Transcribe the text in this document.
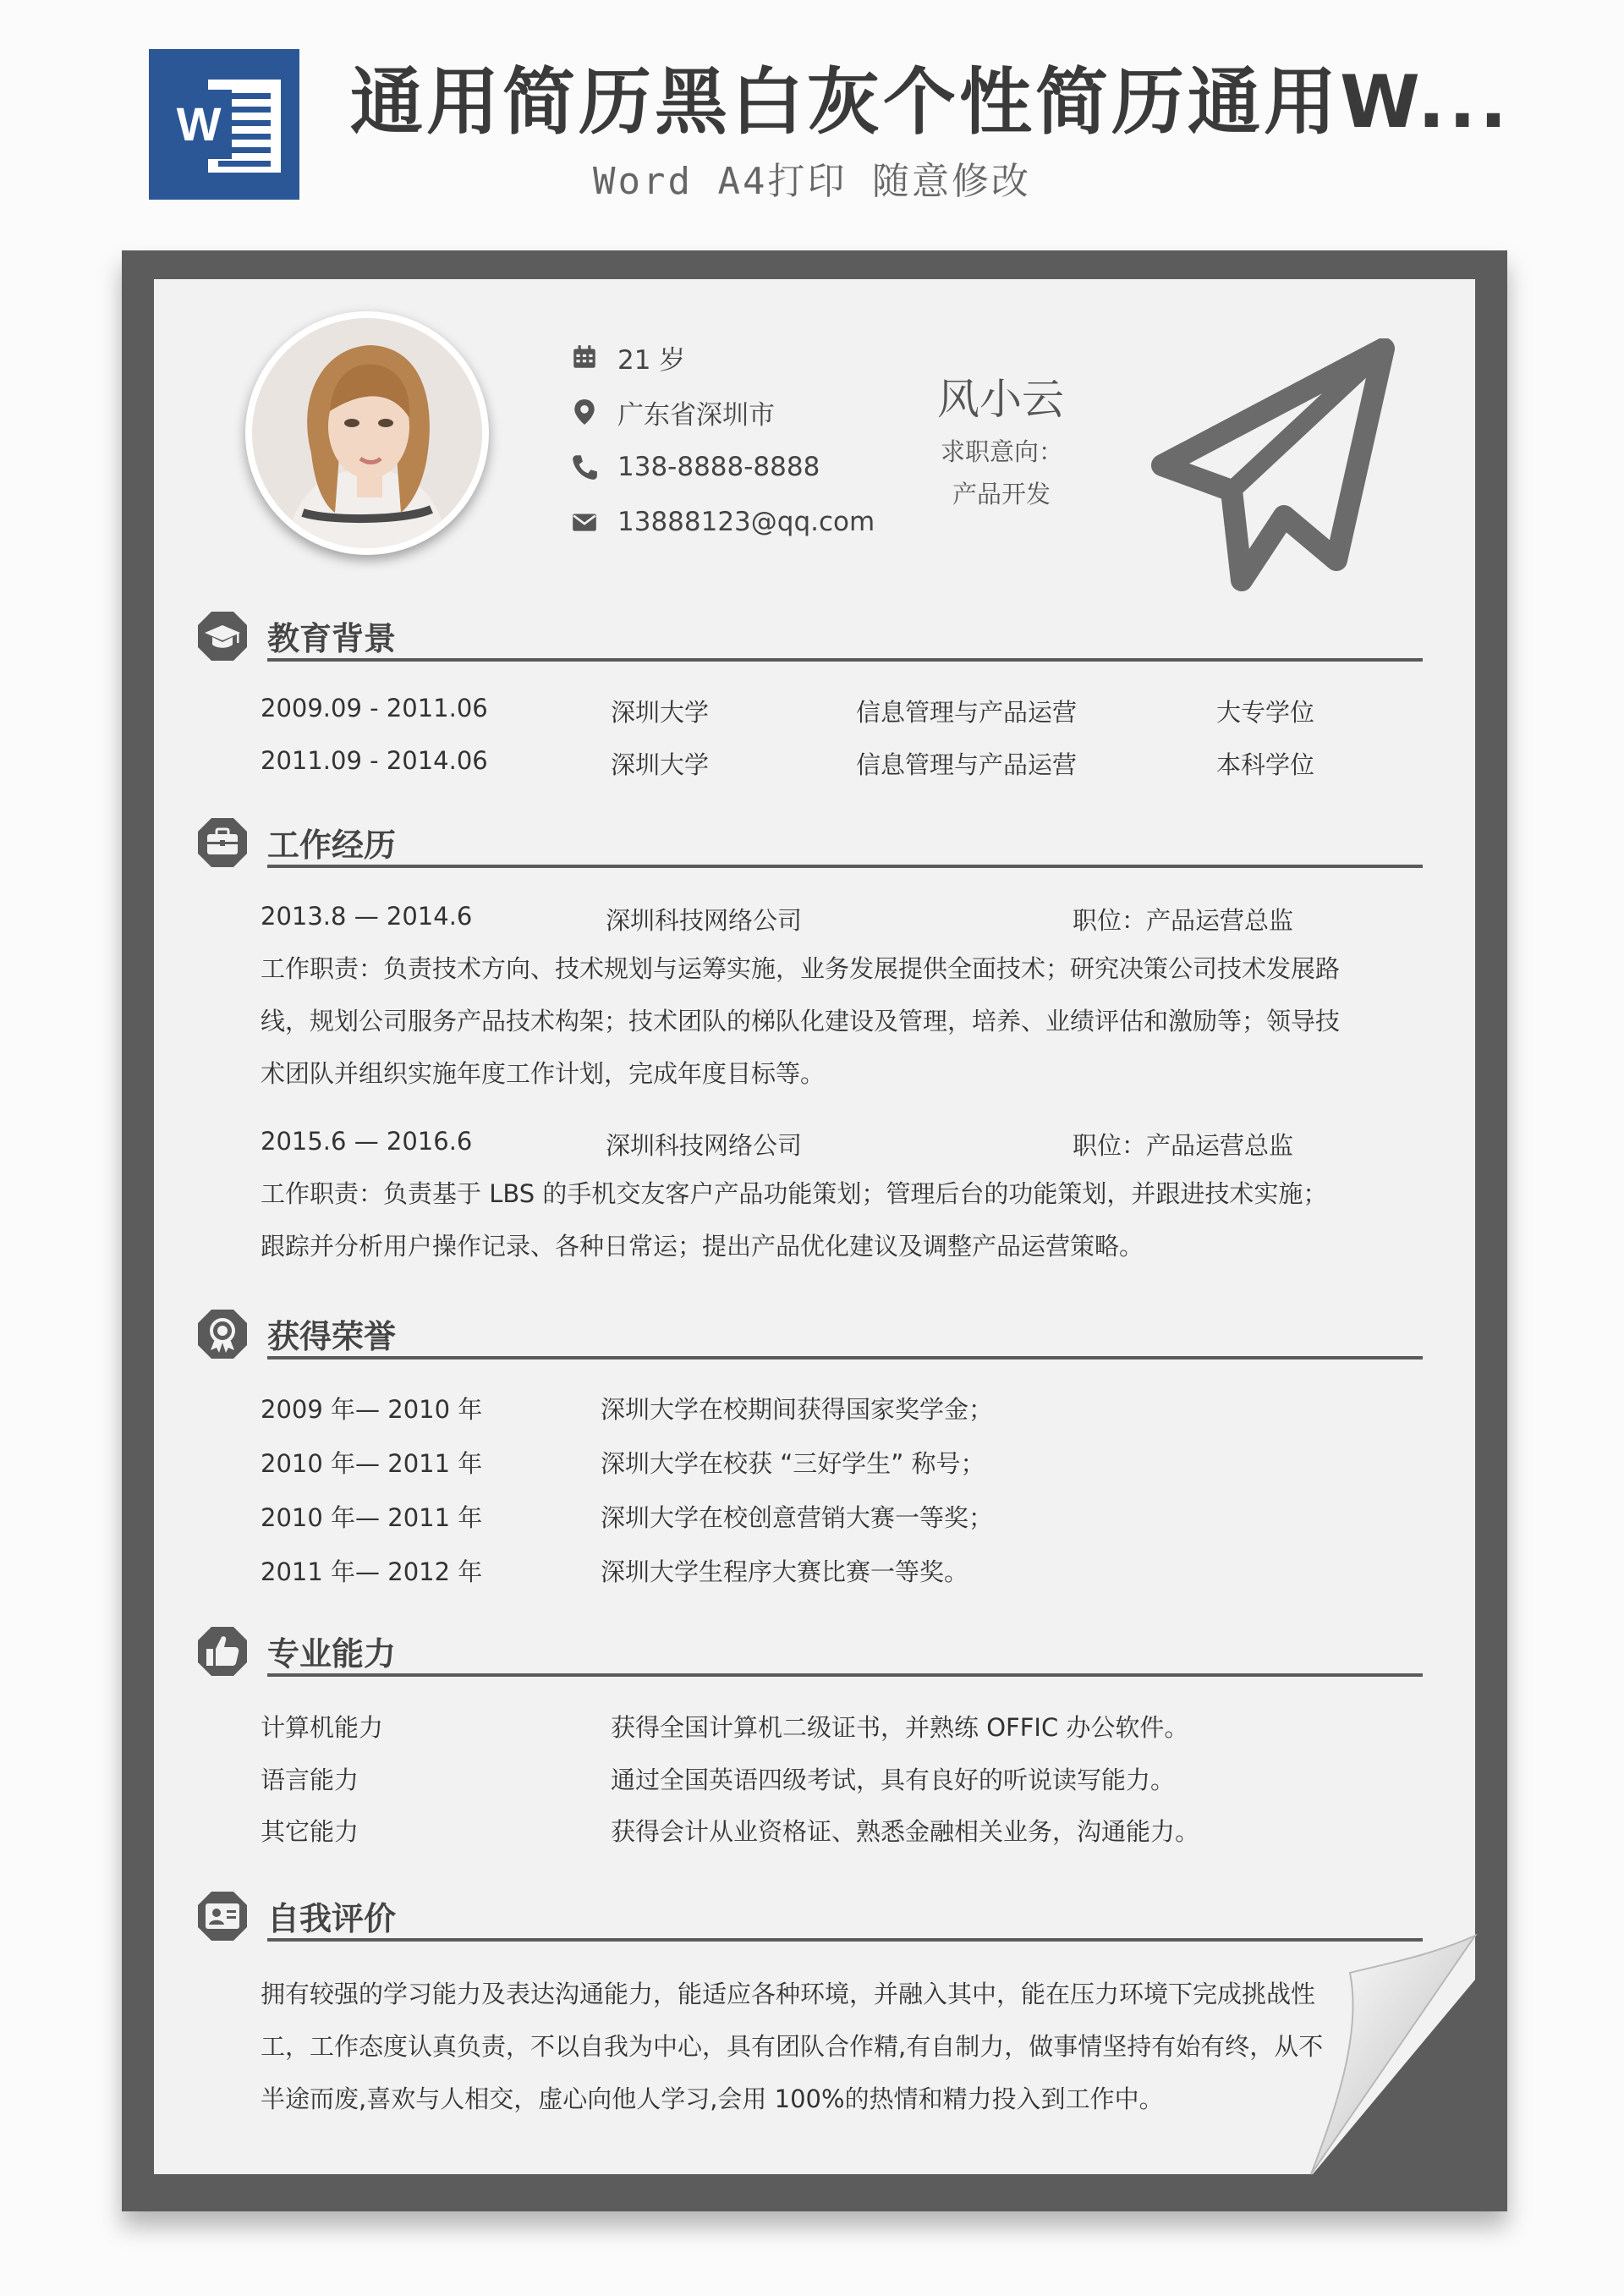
W 通用简历黑白灰个性简历通用W...
Word A4打印 随意修改
21 岁
广东省深圳市
138-8888-8888
13888123@qq.com
风小云
求职意向：
产品开发
教育背景
2009.09 - 2011.06	深圳大学	信息管理与产品运营	大专学位
2011.09 - 2014.06	深圳大学	信息管理与产品运营	本科学位
工作经历
2013.8 — 2014.6	深圳科技网络公司	职位：产品运营总监
工作职责：负责技术方向、技术规划与运筹实施，业务发展提供全面技术；研究决策公司技术发展路线，规划公司服务产品技术构架；技术团队的梯队化建设及管理，培养、业绩评估和激励等；领导技术团队并组织实施年度工作计划，完成年度目标等。
2015.6 — 2016.6	深圳科技网络公司	职位：产品运营总监
工作职责：负责基于 LBS 的手机交友客户产品功能策划；管理后台的功能策划，并跟进技术实施；跟踪并分析用户操作记录、各种日常运；提出产品优化建议及调整产品运营策略。
获得荣誉
2009 年— 2010 年	深圳大学在校期间获得国家奖学金；
2010 年— 2011 年	深圳大学在校获 “三好学生” 称号；
2010 年— 2011 年	深圳大学在校创意营销大赛一等奖；
2011 年— 2012 年	深圳大学生程序大赛比赛一等奖。
专业能力
计算机能力	获得全国计算机二级证书，并熟练 OFFIC 办公软件。
语言能力	通过全国英语四级考试，具有良好的听说读写能力。
其它能力	获得会计从业资格证、熟悉金融相关业务，沟通能力。
自我评价
拥有较强的学习能力及表达沟通能力，能适应各种环境，并融入其中，能在压力环境下完成挑战性工，工作态度认真负责，不以自我为中心，具有团队合作精,有自制力，做事情坚持有始有终，从不半途而废,喜欢与人相交，虚心向他人学习,会用 100%的热情和精力投入到工作中。
